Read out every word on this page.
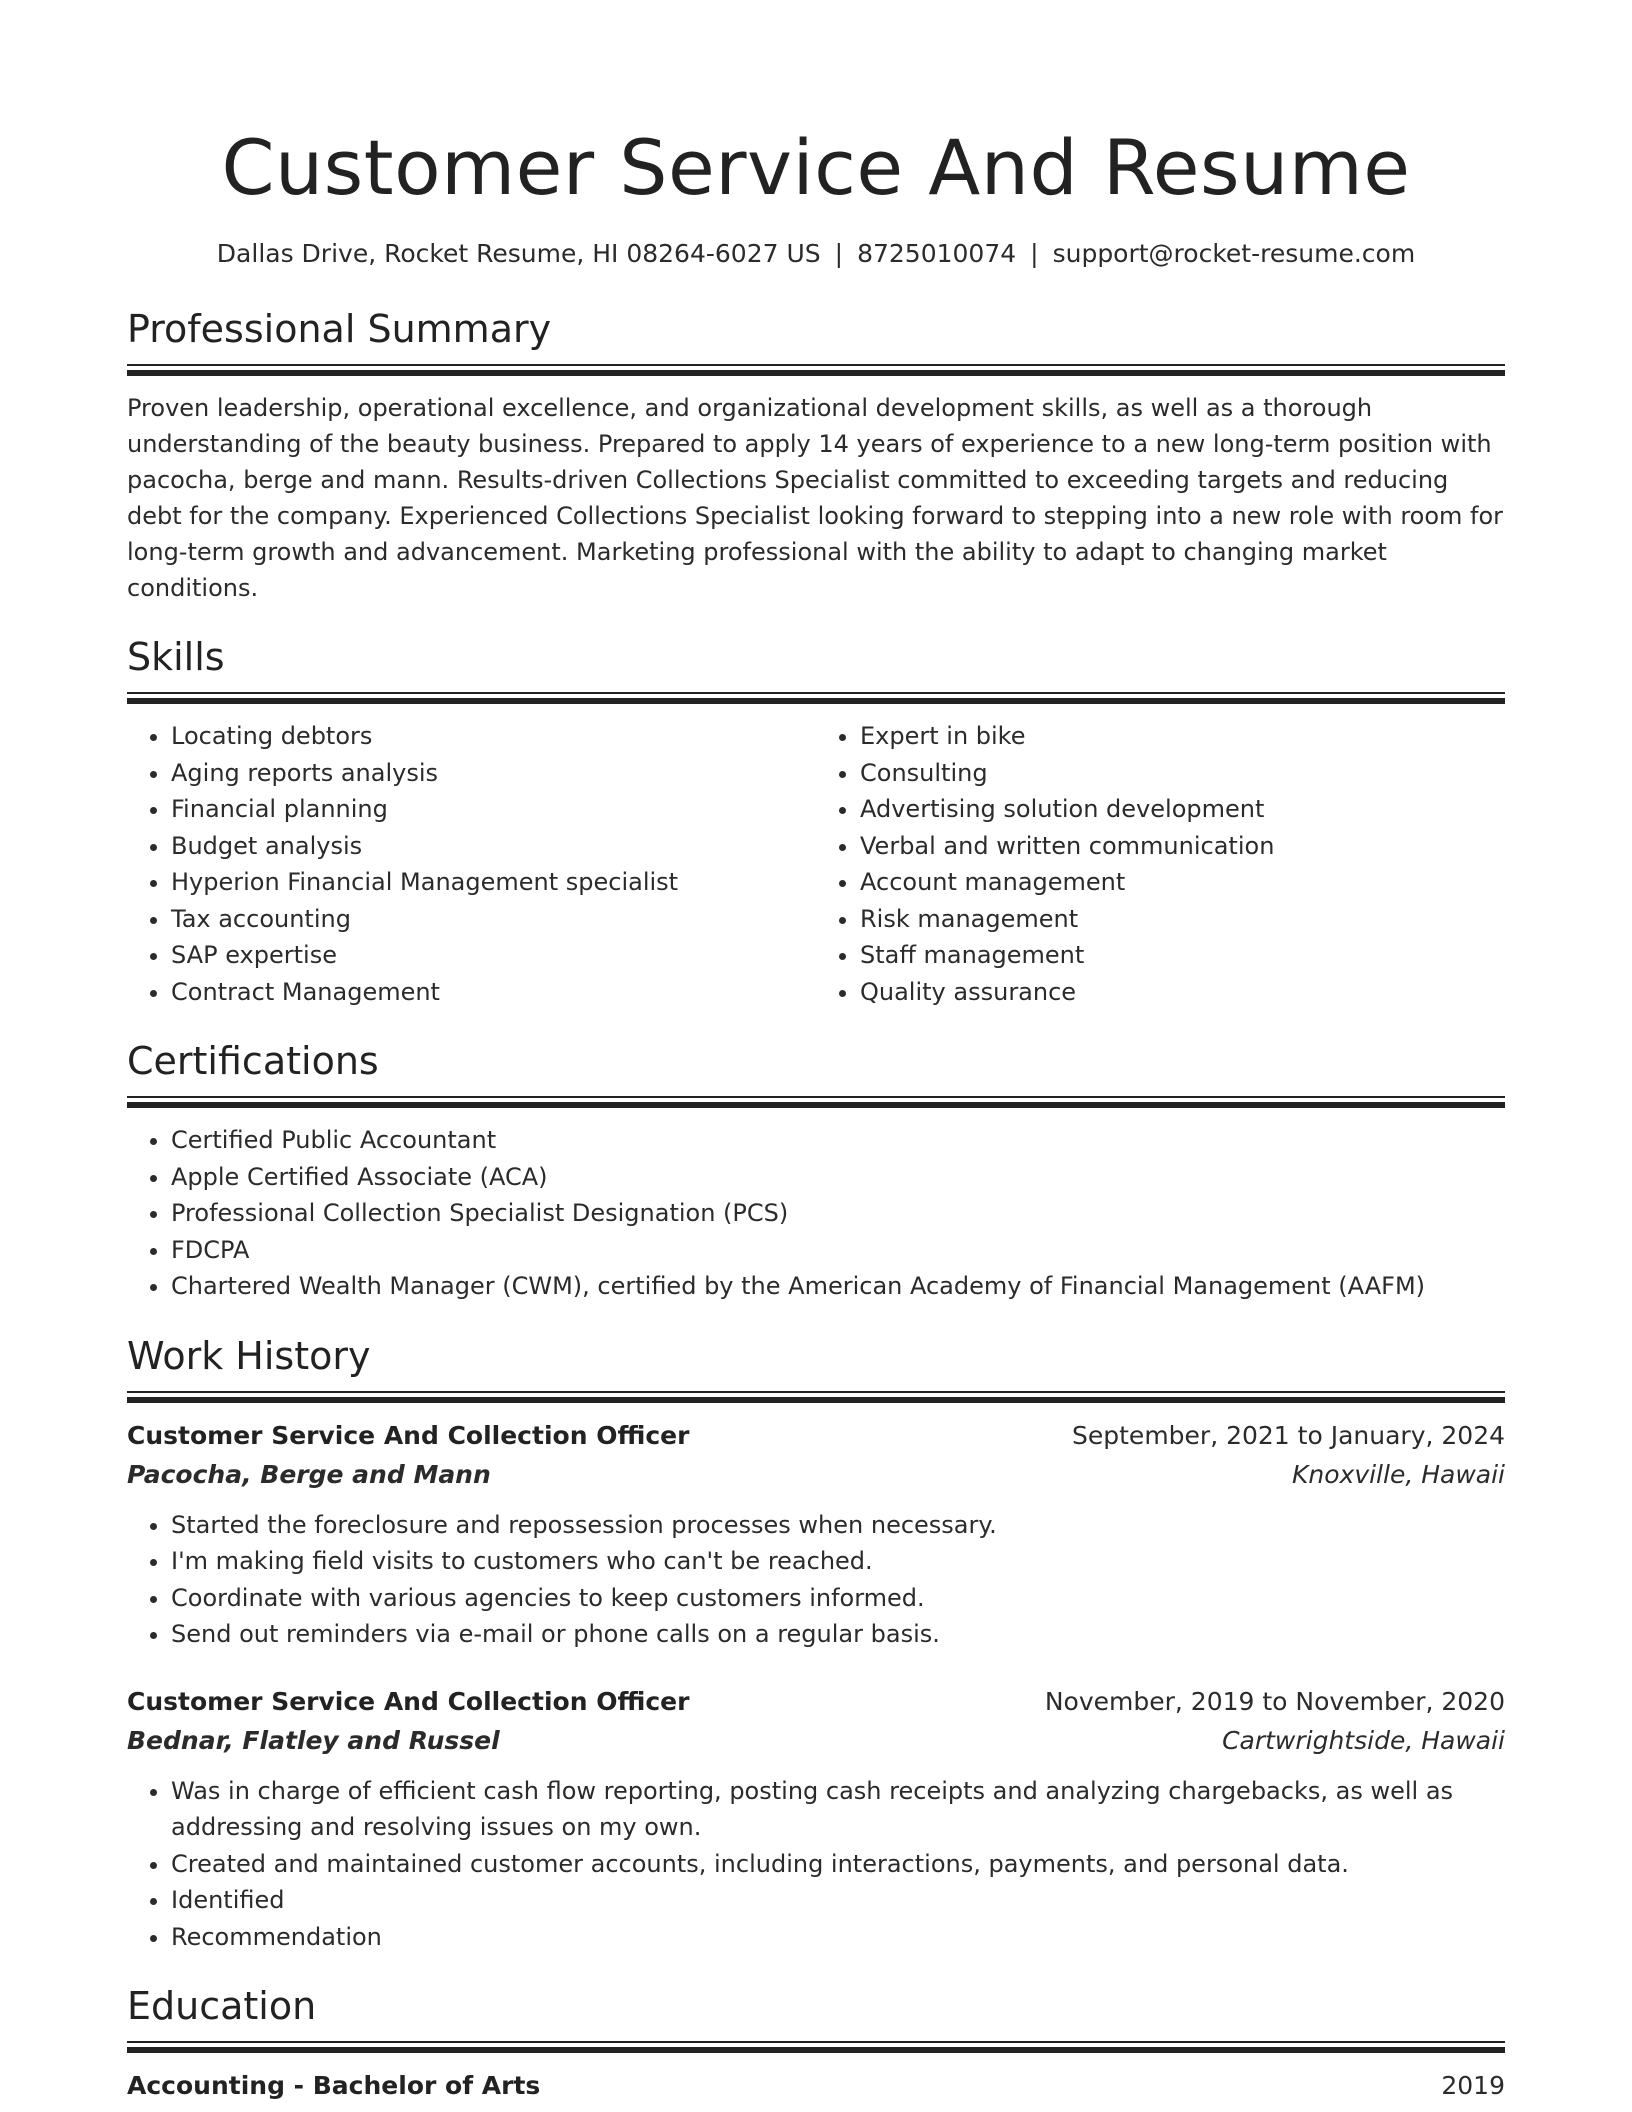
Customer Service And Resume
Dallas Drive, Rocket Resume, HI 08264-6027 US | 8725010074 | support@rocket-resume.com
Professional Summary

Proven leadership, operational excellence, and organizational development skills, as well as a thorough understanding of the beauty business. Prepared to apply 14 years of experience to a new long-term position with pacocha, berge and mann. Results-driven Collections Specialist committed to exceeding targets and reducing debt for the company. Experienced Collections Specialist looking forward to stepping into a new role with room for long-term growth and advancement. Marketing professional with the ability to adapt to changing market conditions.

Skills
• Locating debtors
• Aging reports analysis
• Financial planning
• Budget analysis
• Hyperion Financial Management specialist
• Tax accounting
• SAP expertise
• Contract Management
• Expert in bike
• Consulting
• Advertising solution development
• Verbal and written communication
• Account management
• Risk management
• Staff management
• Quality assurance
Certifications
• Certified Public Accountant
• Apple Certified Associate (ACA)
• Professional Collection Specialist Designation (PCS)
• FDCPA
• Chartered Wealth Manager (CWM), certified by the American Academy of Financial Management (AAFM)
Work History
Customer Service And Collection Officer	September, 2021 to January, 2024
Pacocha, Berge and Mann	Knoxville, Hawaii
• Started the foreclosure and repossession processes when necessary.
• I'm making field visits to customers who can't be reached.
• Coordinate with various agencies to keep customers informed.
• Send out reminders via e-mail or phone calls on a regular basis.
Customer Service And Collection Officer	November, 2019 to November, 2020
Bednar, Flatley and Russel	Cartwrightside, Hawaii
• Was in charge of efficient cash flow reporting, posting cash receipts and analyzing chargebacks, as well as addressing and resolving issues on my own.
• Created and maintained customer accounts, including interactions, payments, and personal data.
• Identified
• Recommendation
Education
Accounting - Bachelor of Arts	2019
